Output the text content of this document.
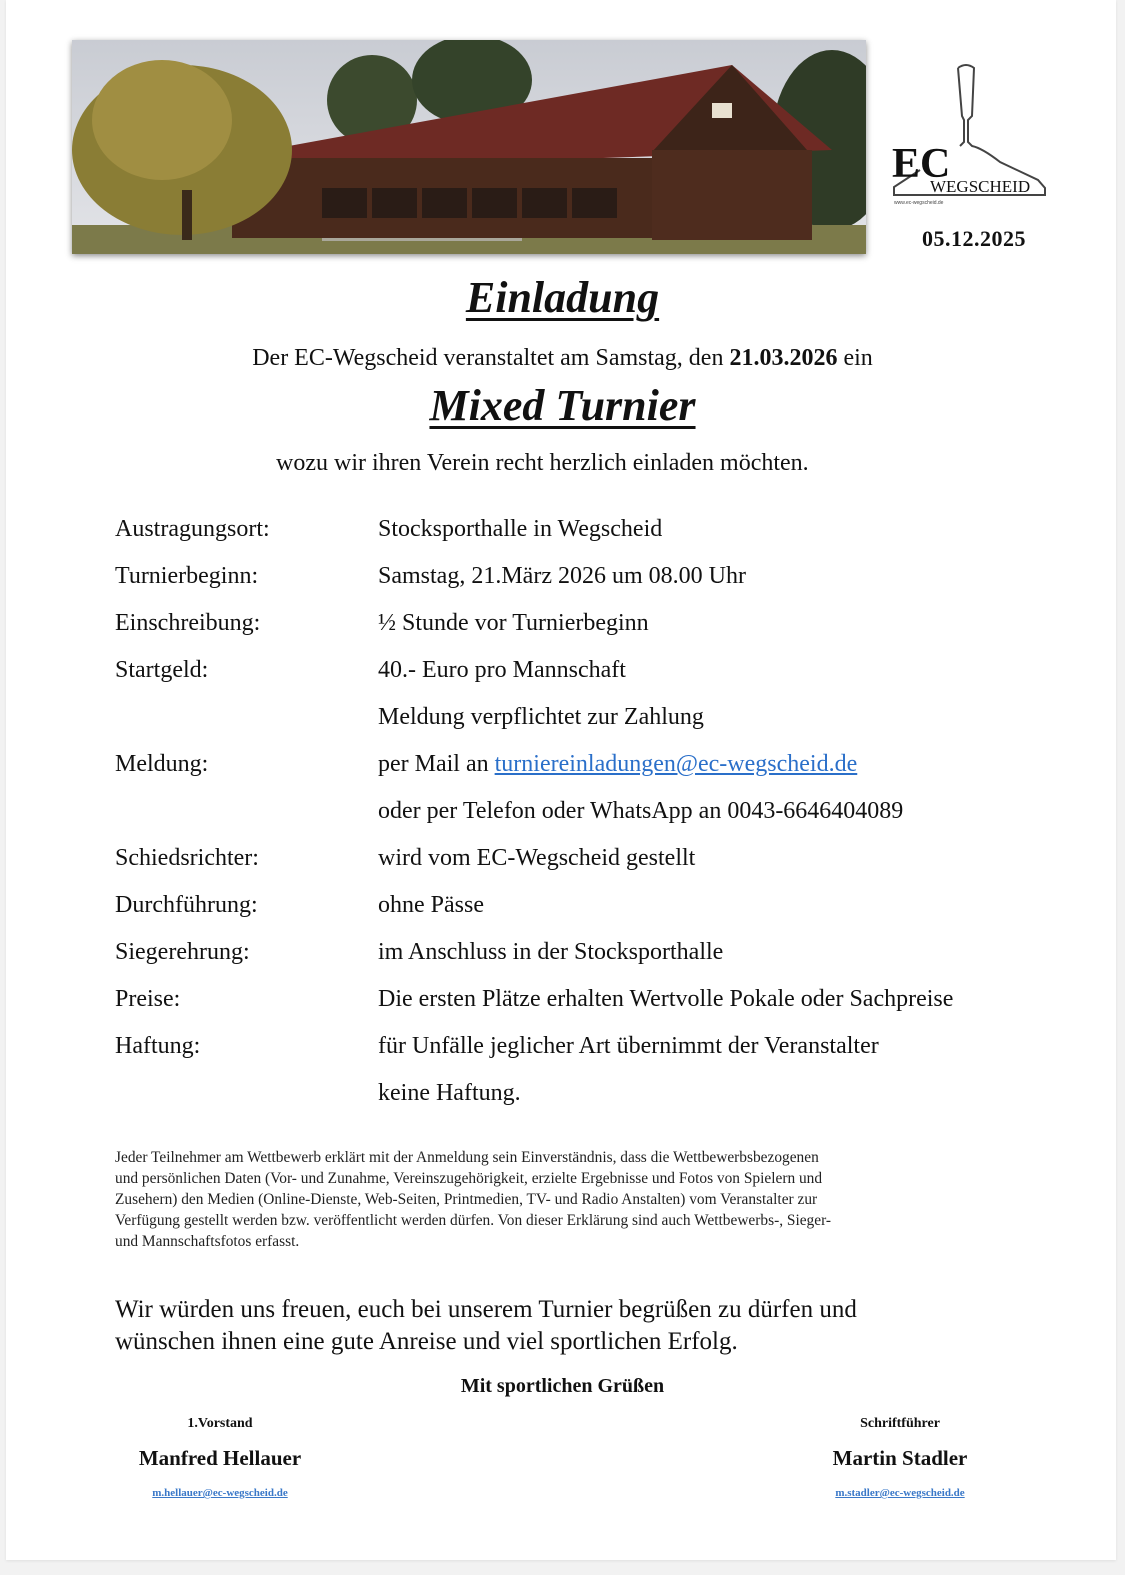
EC
WEGSCHEID
www.ec-wegscheid.de
05.12.2025
Einladung
Der EC-Wegscheid veranstaltet am Samstag, den 21.03.2026 ein
Mixed Turnier
wozu wir ihren Verein recht herzlich einladen möchten.
Austragungsort:	Stocksporthalle in Wegscheid
Turnierbeginn:	Samstag, 21.März 2026 um 08.00 Uhr
Einschreibung:	½ Stunde vor Turnierbeginn
Startgeld:	40.- Euro pro Mannschaft
Meldung verpflichtet zur Zahlung
Meldung:	per Mail an turniereinladungen@ec-wegscheid.de
oder per Telefon oder WhatsApp an 0043-6646404089
Schiedsrichter:	wird vom EC-Wegscheid gestellt
Durchführung:	ohne Pässe
Siegerehrung:	im Anschluss in der Stocksporthalle
Preise:	Die ersten Plätze erhalten Wertvolle Pokale oder Sachpreise
Haftung:	für Unfälle jeglicher Art übernimmt der Veranstalter
keine Haftung.
Jeder Teilnehmer am Wettbewerb erklärt mit der Anmeldung sein Einverständnis, dass die Wettbewerbsbezogenen
und persönlichen Daten (Vor- und Zunahme, Vereinszugehörigkeit, erzielte Ergebnisse und Fotos von Spielern und
Zusehern) den Medien (Online-Dienste, Web-Seiten, Printmedien, TV- und Radio Anstalten) vom Veranstalter zur
Verfügung gestellt werden bzw. veröffentlicht werden dürfen. Von dieser Erklärung sind auch Wettbewerbs-, Sieger-
und Mannschaftsfotos erfasst.
Wir würden uns freuen, euch bei unserem Turnier begrüßen zu dürfen und
wünschen ihnen eine gute Anreise und viel sportlichen Erfolg.
Mit sportlichen Grüßen
1.Vorstand
Manfred Hellauer
m.hellauer@ec-wegscheid.de
Schriftführer
Martin Stadler
m.stadler@ec-wegscheid.de
